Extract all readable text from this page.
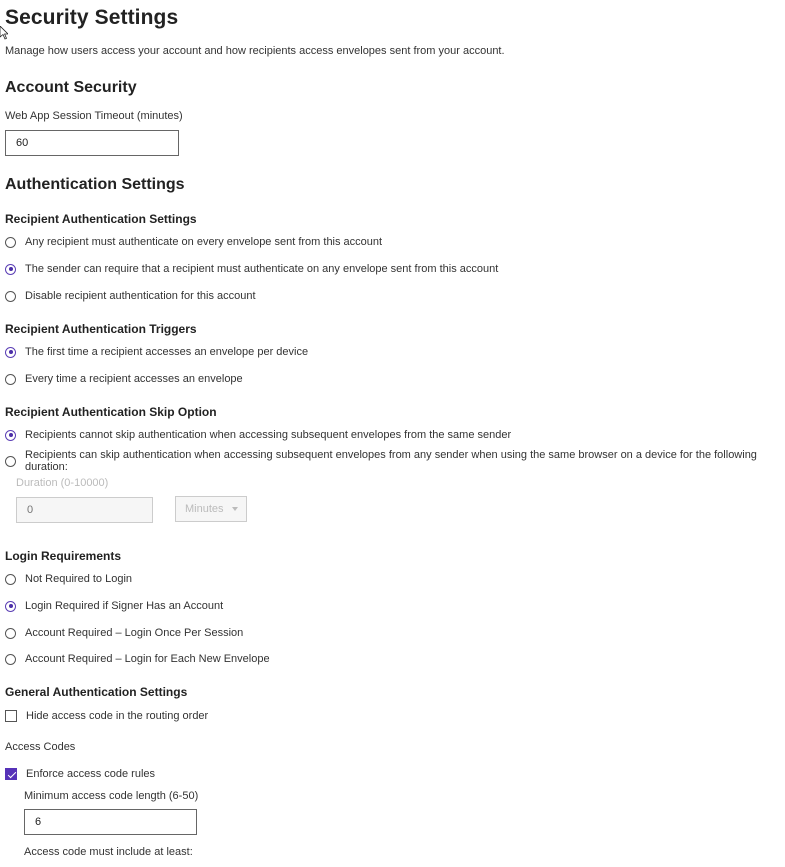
Security Settings
Manage how users access your account and how recipients access envelopes sent from your account.
Account Security
Web App Session Timeout (minutes)
60
Authentication Settings
Recipient Authentication Settings
Any recipient must authenticate on every envelope sent from this account
The sender can require that a recipient must authenticate on any envelope sent from this account
Disable recipient authentication for this account
Recipient Authentication Triggers
The first time a recipient accesses an envelope per device
Every time a recipient accesses an envelope
Recipient Authentication Skip Option
Recipients cannot skip authentication when accessing subsequent envelopes from the same sender
Recipients can skip authentication when accessing subsequent envelopes from any sender when using the same browser on a device for the following duration:
Duration (0-10000)
0
Minutes
Login Requirements
Not Required to Login
Login Required if Signer Has an Account
Account Required – Login Once Per Session
Account Required – Login for Each New Envelope
General Authentication Settings
Hide access code in the routing order
Access Codes
Enforce access code rules
Minimum access code length (6-50)
6
Access code must include at least:
